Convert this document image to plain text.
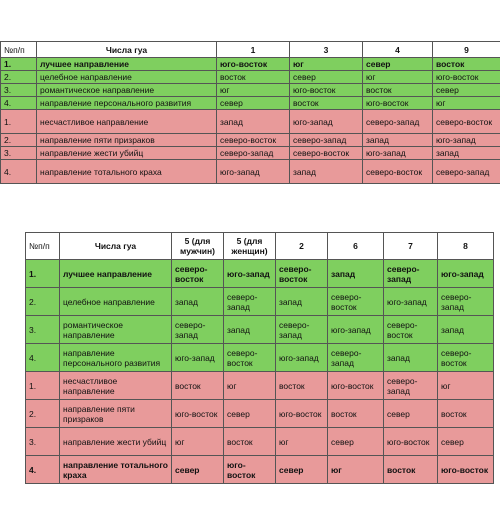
№п/п	Числа гуа	1	3	4	9
1.	лучшее направление	юго-восток	юг	север	восток
2.	целебное направление	восток	север	юг	юго-восток
3.	романтическое направление	юг	юго-восток	восток	север
4.	направление персонального развития	север	восток	юго-восток	юг
1.	несчастливое направление	запад	юго-запад	северо-запад	северо-восток
2.	направление пяти призраков	северо-восток	северо-запад	запад	юго-запад
3.	направление жести убийц	северо-запад	северо-восток	юго-запад	запад
4.	направление тотального краха	юго-запад	запад	северо-восток	северо-запад
№п/п	Числа гуа	5 (для мужчин)	5 (для женщин)	2	6	7	8
1.	лучшее направление	северо-восток	юго-запад	северо-восток	запад	северо-запад	юго-запад
2.	целебное направление	запад	северо-запад	запад	северо-восток	юго-запад	северо-запад
3.	романтическое направление	северо-запад	запад	северо-запад	юго-запад	северо-восток	запад
4.	направление персонального развития	юго-запад	северо-восток	юго-запад	северо-запад	запад	северо-восток
1.	несчастливое направление	восток	юг	восток	юго-восток	северо-запад	юг
2.	направление пяти призраков	юго-восток	север	юго-восток	восток	север	восток
3.	направление жести убийц	юг	восток	юг	север	юго-восток	север
4.	направление тотального краха	север	юго-восток	север	юг	восток	юго-восток
